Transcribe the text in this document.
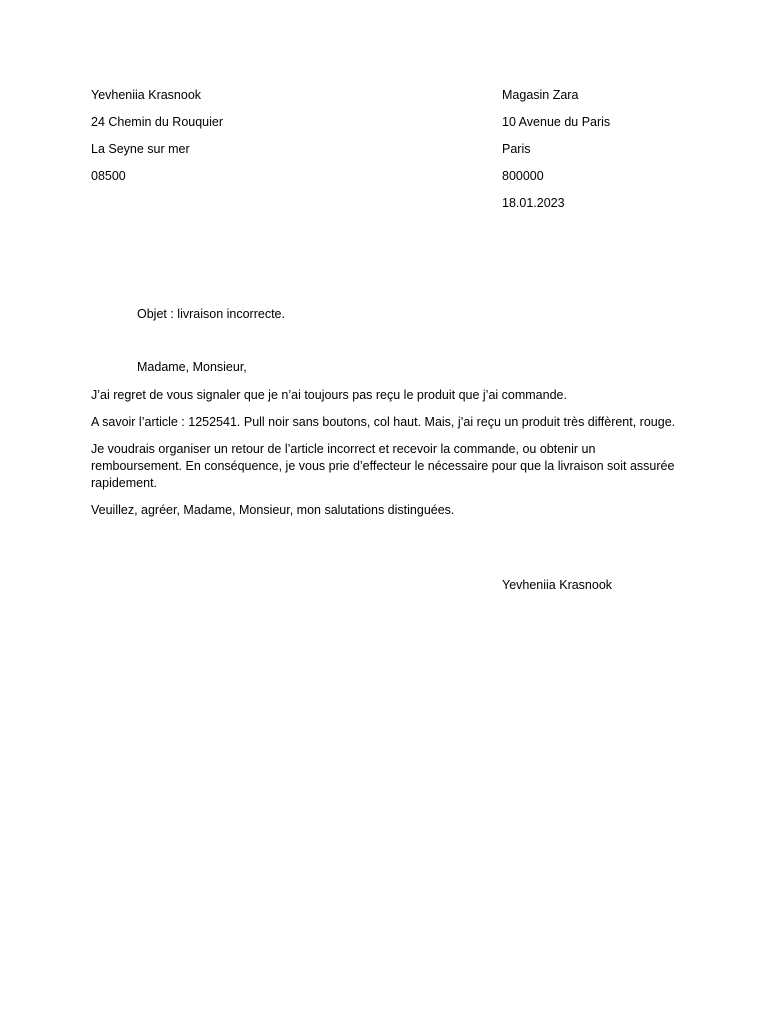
Yevheniia Krasnook
24 Chemin du Rouquier
La Seyne sur mer
08500
Magasin Zara
10 Avenue du Paris
Paris
800000
18.01.2023
Objet : livraison incorrecte.
Madame, Monsieur,

J’ai regret de vous signaler que je n’ai toujours pas reçu le produit que j’ai commande.

A savoir l’article : 1252541. Pull noir sans boutons, col haut. Mais, j’ai reçu un produit très diffèrent, rouge.

Je voudrais organiser un retour de l’article incorrect et recevoir la commande, ou obtenir un remboursement. En conséquence, je vous prie d’effecteur le nécessaire pour que la livraison soit assurée rapidement.

Veuillez, agréer, Madame, Monsieur, mon salutations distinguées.

Yevheniia Krasnook
